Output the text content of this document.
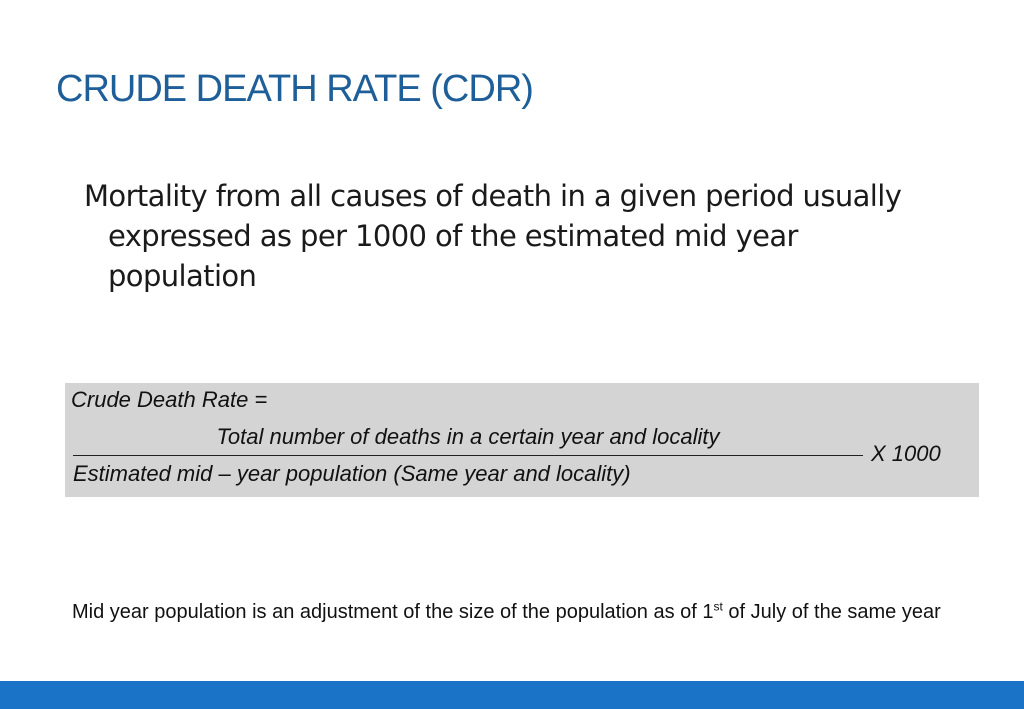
CRUDE DEATH RATE (CDR)
Mortality from all causes of death in a given period usually expressed as per 1000 of the estimated mid year population
Crude Death Rate =
Total number of deaths in a certain year and locality
Estimated mid – year population (Same year and locality)
X 1000
Mid year population is an adjustment of the size of the population as of 1st of July of the same year
